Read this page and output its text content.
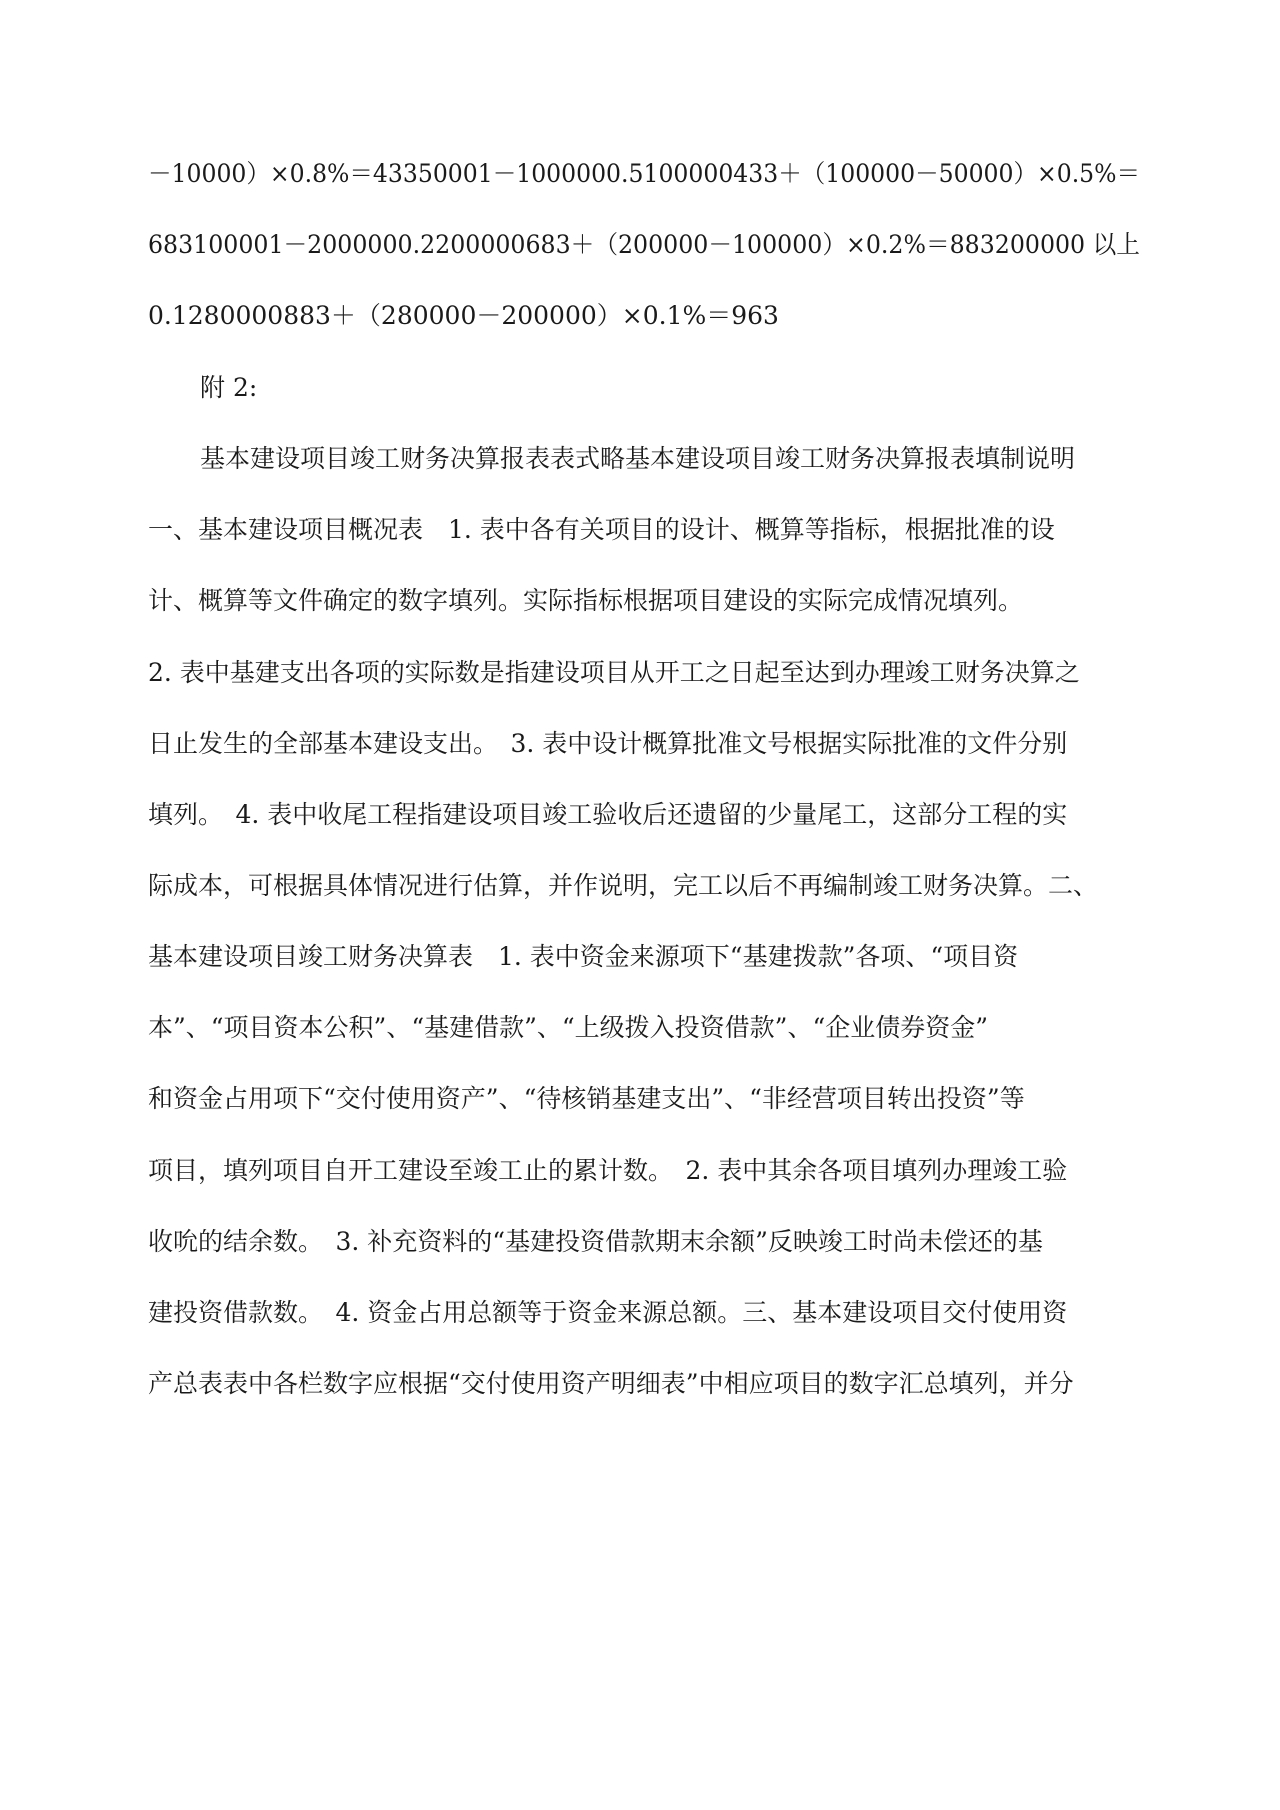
－10000）×0.8%＝43350001－1000000.5100000433＋（100000－50000）×0.5%＝
683100001－2000000.2200000683＋（200000－100000）×0.2%＝883200000 以上
0.1280000883＋（280000－200000）×0.1%＝963
附 2:
基本建设项目竣工财务决算报表表式略基本建设项目竣工财务决算报表填制说明
一、基本建设项目概况表　1. 表中各有关项目的设计、概算等指标，根据批准的设
计、概算等文件确定的数字填列。实际指标根据项目建设的实际完成情况填列。
2. 表中基建支出各项的实际数是指建设项目从开工之日起至达到办理竣工财务决算之
日止发生的全部基本建设支出。　3. 表中设计概算批准文号根据实际批准的文件分别
填列。　4. 表中收尾工程指建设项目竣工验收后还遗留的少量尾工，这部分工程的实
际成本，可根据具体情况进行估算，并作说明，完工以后不再编制竣工财务决算。二、
基本建设项目竣工财务决算表　1. 表中资金来源项下“基建拨款”各项、“项目资
本”、“项目资本公积”、“基建借款”、“上级拨入投资借款”、“企业债券资金”
和资金占用项下“交付使用资产”、“待核销基建支出”、“非经营项目转出投资”等
项目，填列项目自开工建设至竣工止的累计数。　2. 表中其余各项目填列办理竣工验
收吮的结余数。　3. 补充资料的“基建投资借款期末余额”反映竣工时尚未偿还的基
建投资借款数。　4. 资金占用总额等于资金来源总额。三、基本建设项目交付使用资
产总表表中各栏数字应根据“交付使用资产明细表”中相应项目的数字汇总填列，并分
